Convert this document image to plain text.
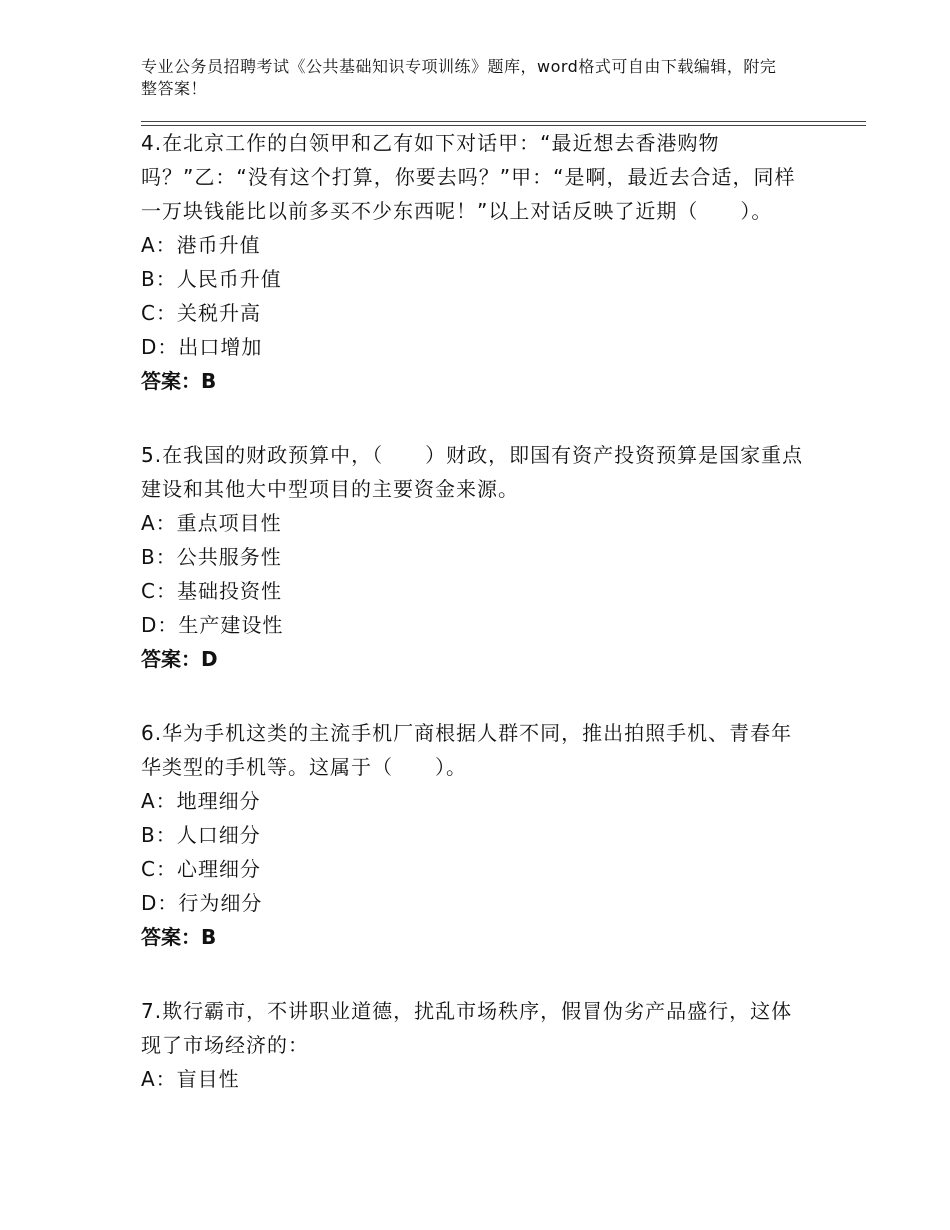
专业公务员招聘考试《公共基础知识专项训练》题库，word格式可自由下载编辑，附完整答案！

4.在北京工作的白领甲和乙有如下对话甲：“最近想去香港购物吗？”乙：“没有这个打算，你要去吗？”甲：“是啊，最近去合适，同样一万块钱能比以前多买不少东西呢！”以上对话反映了近期（　　）。

A：港币升值

B：人民币升值

C：关税升高

D：出口增加

答案：B

5.在我国的财政预算中，（　　）财政，即国有资产投资预算是国家重点建设和其他大中型项目的主要资金来源。

A：重点项目性

B：公共服务性

C：基础投资性

D：生产建设性

答案：D

6.华为手机这类的主流手机厂商根据人群不同，推出拍照手机、青春年华类型的手机等。这属于（　　）。

A：地理细分

B：人口细分

C：心理细分

D：行为细分

答案：B

7.欺行霸市，不讲职业道德，扰乱市场秩序，假冒伪劣产品盛行，这体现了市场经济的：

A：盲目性
